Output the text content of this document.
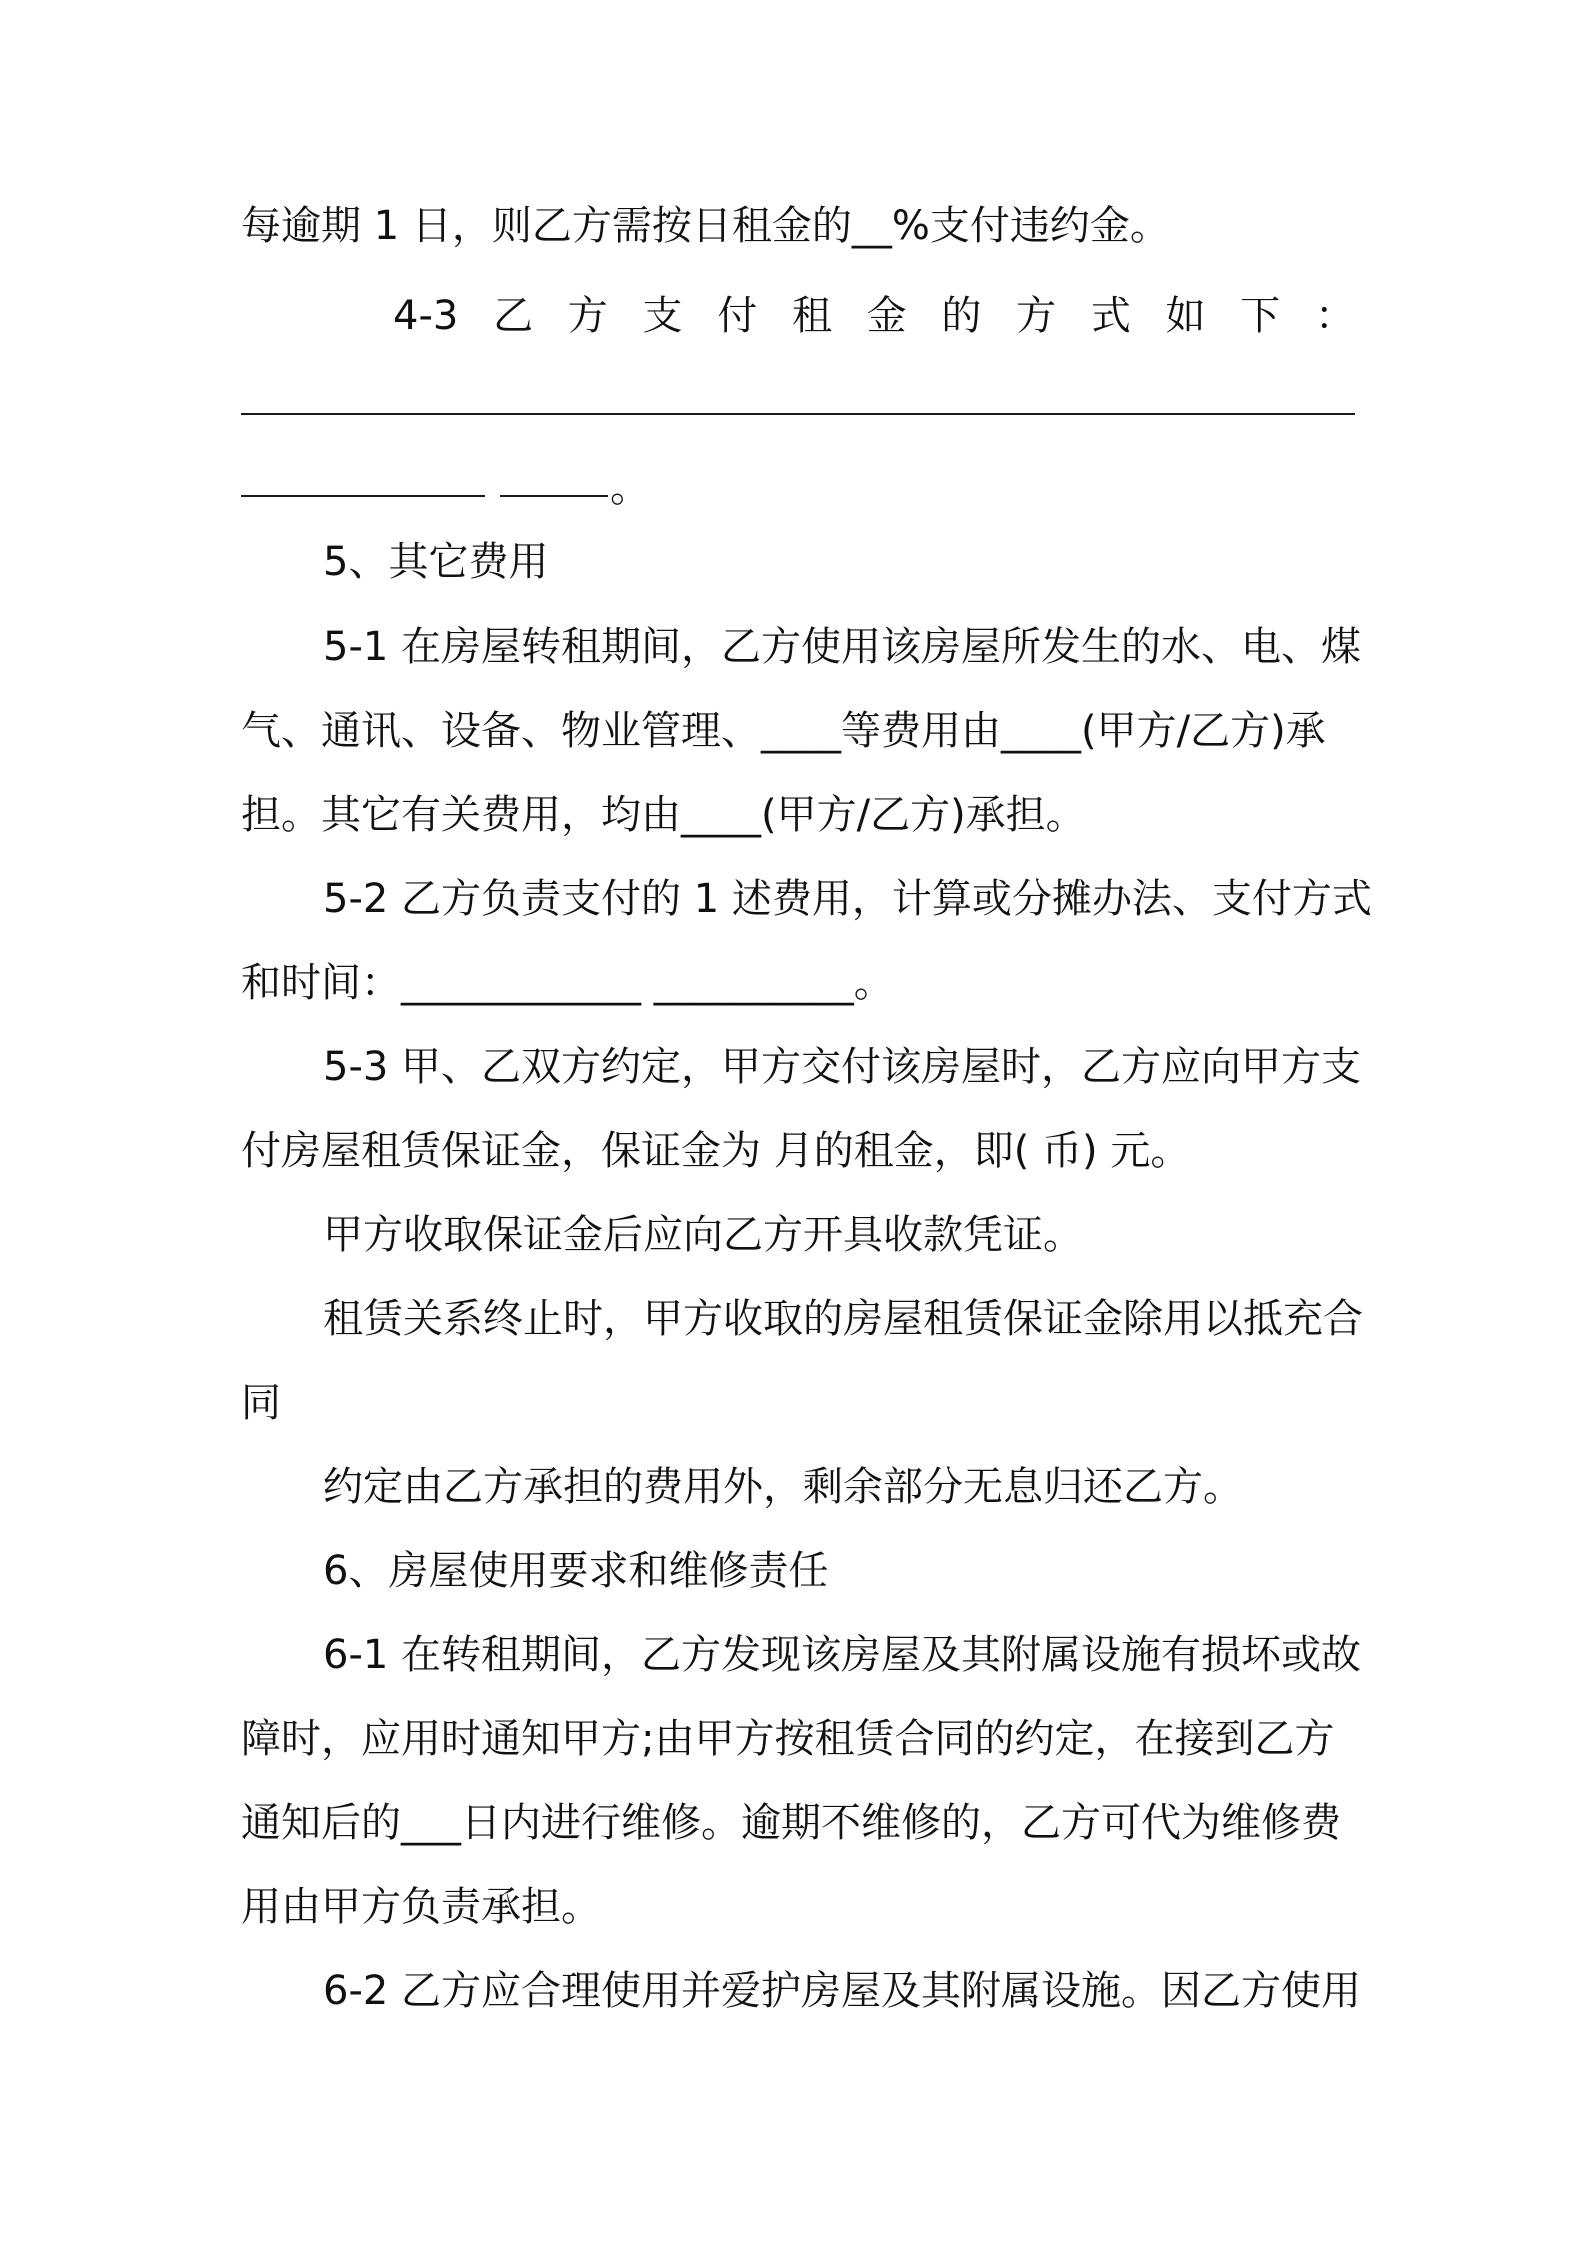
每逾期 1 日，则乙方需按日租金的__%支付违约金。
4-3 乙 方 支 付 租 金 的 方 式 如 下 ：
。
5、其它费用
5-1 在房屋转租期间，乙方使用该房屋所发生的水、电、煤
气、通讯、设备、物业管理、____等费用由____(甲方/乙方)承
担。其它有关费用，均由____(甲方/乙方)承担。
5-2 乙方负责支付的 1 述费用，计算或分摊办法、支付方式
和时间：____________ __________。
5-3 甲、乙双方约定，甲方交付该房屋时，乙方应向甲方支
付房屋租赁保证金，保证金为 月的租金，即( 币) 元。
甲方收取保证金后应向乙方开具收款凭证。
租赁关系终止时，甲方收取的房屋租赁保证金除用以抵充合
同
约定由乙方承担的费用外，剩余部分无息归还乙方。
6、房屋使用要求和维修责任
6-1 在转租期间，乙方发现该房屋及其附属设施有损坏或故
障时，应用时通知甲方;由甲方按租赁合同的约定，在接到乙方
通知后的___日内进行维修。逾期不维修的，乙方可代为维修费
用由甲方负责承担。
6-2 乙方应合理使用并爱护房屋及其附属设施。因乙方使用
